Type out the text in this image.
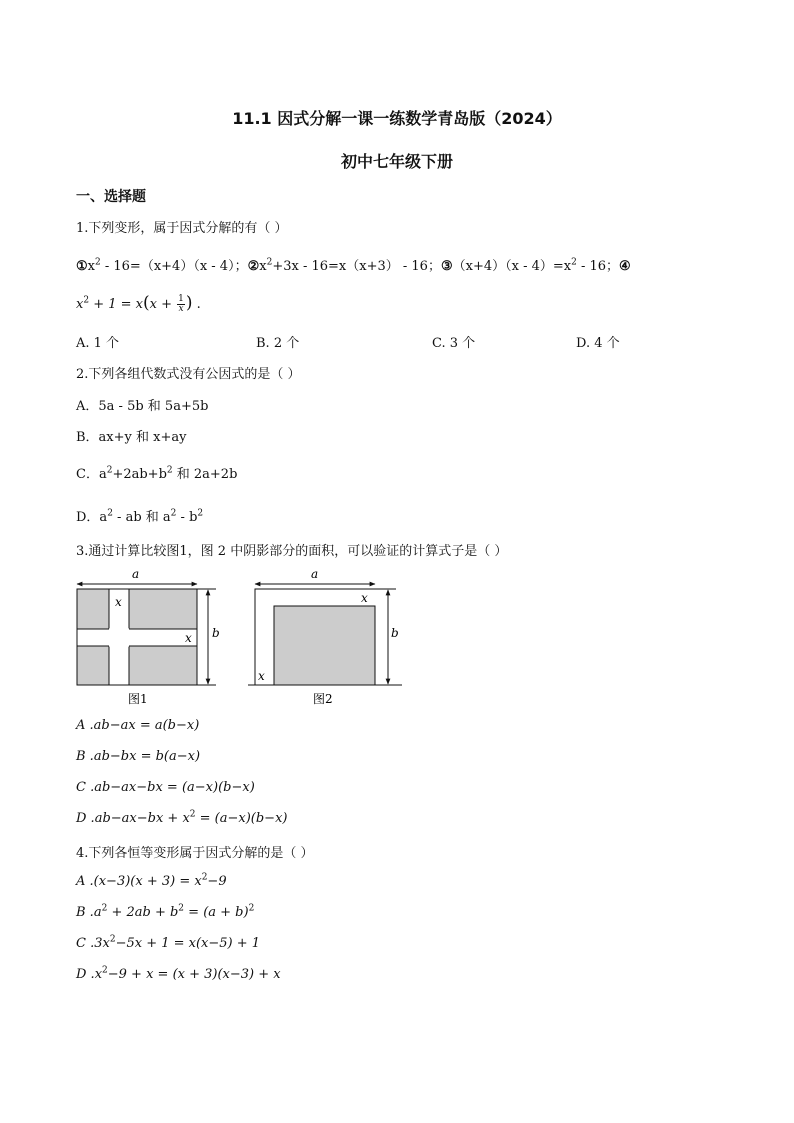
11.1 因式分解一课一练数学青岛版（2024）
初中七年级下册
一、选择题
1.下列变形，属于因式分解的有（ ）
$①x^2 - 16=(x+4)(x - 4)$；$②x^2+3x - 16=x(x+3) - 16$；③（x+4）（x - $4)=x^2 - 16$；④
$x^2 + 1 = x(x + \frac{1}{x}$ ) .
A. 1 个	B. 2 个	C. 3 个	D. 4 个
2.下列各组代数式没有公因式的是（ ）
A．5a - 5b 和 5a+5b
B．ax+y 和 x+ay
C．$a^2+2ab+b^2$ 和 2a+2b
D．$a^2$ - ab 和 $a^2 - b^2$
3.通过计算比较图1，图 2 中阴影部分的面积，可以验证的计算式子是（ ）
a
x
x b
图1
a
b
x
x
图2
A .ab−ax = a(b−x)
B .ab−bx = b(a−x)
C .ab−ax−bx = (a−x)(b−x)
D $.ab-ax-bx + x^2 = (a-x)(b-x)$
4.下列各恒等变形属于因式分解的是（ ）
A $.(x-3)(x + 3) = x^2-9$
B $.a^2 + 2ab + b^2 = (a + b)^2$
C $.3x^2-5x + 1 = x(x-5) + 1$
D $.x^2-9 + x = (x + 3)(x-3) + x$
